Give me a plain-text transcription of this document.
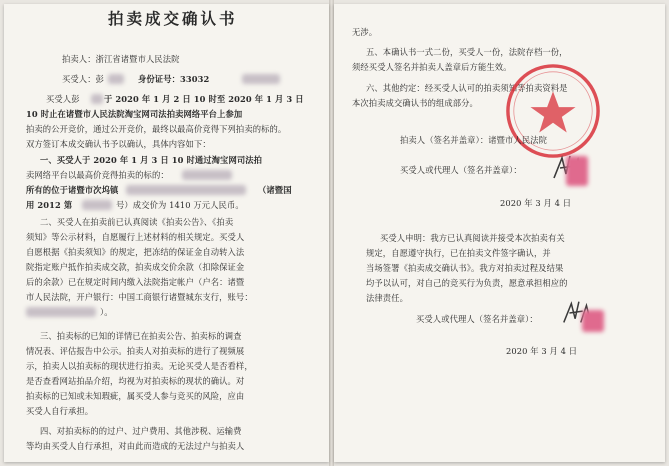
拍卖成交确认书
拍卖人：浙江省诸暨市人民法院
买受人：彭	身份证号：33032
买受人彭	于 2020 年 1 月 2 日 10 时至 2020 年 1 月 3 日
10 时止在诸暨市人民法院淘宝网司法拍卖网络平台上参加
拍卖的公开竞价，通过公开竞价，最终以最高价竞得下列拍卖的标的。
双方签订本成交确认书予以确认，具体内容如下：
一、买受人于 2020 年 1 月 3 日 10 时通过淘宝网司法拍
卖网络平台以最高价竞得拍卖的标的：
所有的位于诸暨市次坞镇	（诸暨国
用 2012 第	号）成交价为 1410 万元人民币。
二、买受人在拍卖前已认真阅读《拍卖公告》、《拍卖
须知》等公示材料，自愿履行上述材料的相关规定。买受人
自愿根据《拍卖须知》的规定，把冻结的保证金自动转入法
院指定账户抵作拍卖成交款，拍卖成交价余款（扣除保证金
后的余款）已在规定时间内缴入法院指定帐户（户名：诸暨
市人民法院，开户银行：中国工商银行诸暨城东支行，账号：
）。
三、拍卖标的已知的详情已在拍卖公告、拍卖标的调查
情况表、评估报告中公示。拍卖人对拍卖标的进行了视频展
示，拍卖人以拍卖标的现状进行拍卖。无论买受人是否看样，
是否查看网站拍品介绍，均视为对拍卖标的现状的确认。对
拍卖标的已知或未知瑕疵，属买受人参与竞买的风险，应由
买受人自行承担。
四、对拍卖标的的过户、过户费用、其他涉税、运输费
等均由买受人自行承担，对由此而造成的无法过户与拍卖人
无涉。
五、本确认书一式二份，买受人一份，法院存档一份，
须经买受人签名并拍卖人盖章后方能生效。
六、其他约定：经买受人认可的拍卖须知等拍卖资料是
本次拍卖成交确认书的组成部分。
拍卖人（签名并盖章）：诸暨市人民法院
买受人或代理人（签名并盖章）：
2020 年 3 月 4 日
买受人申明：我方已认真阅读并接受本次拍卖有关
规定，自愿遵守执行，已在拍卖文件签字确认，并
当场签署《拍卖成交确认书》。我方对拍卖过程及结果
均予以认可，对自己的竞买行为负责，愿意承担相应的
法律责任。
买受人或代理人（签名并盖章）：
2020 年 3 月 4 日
